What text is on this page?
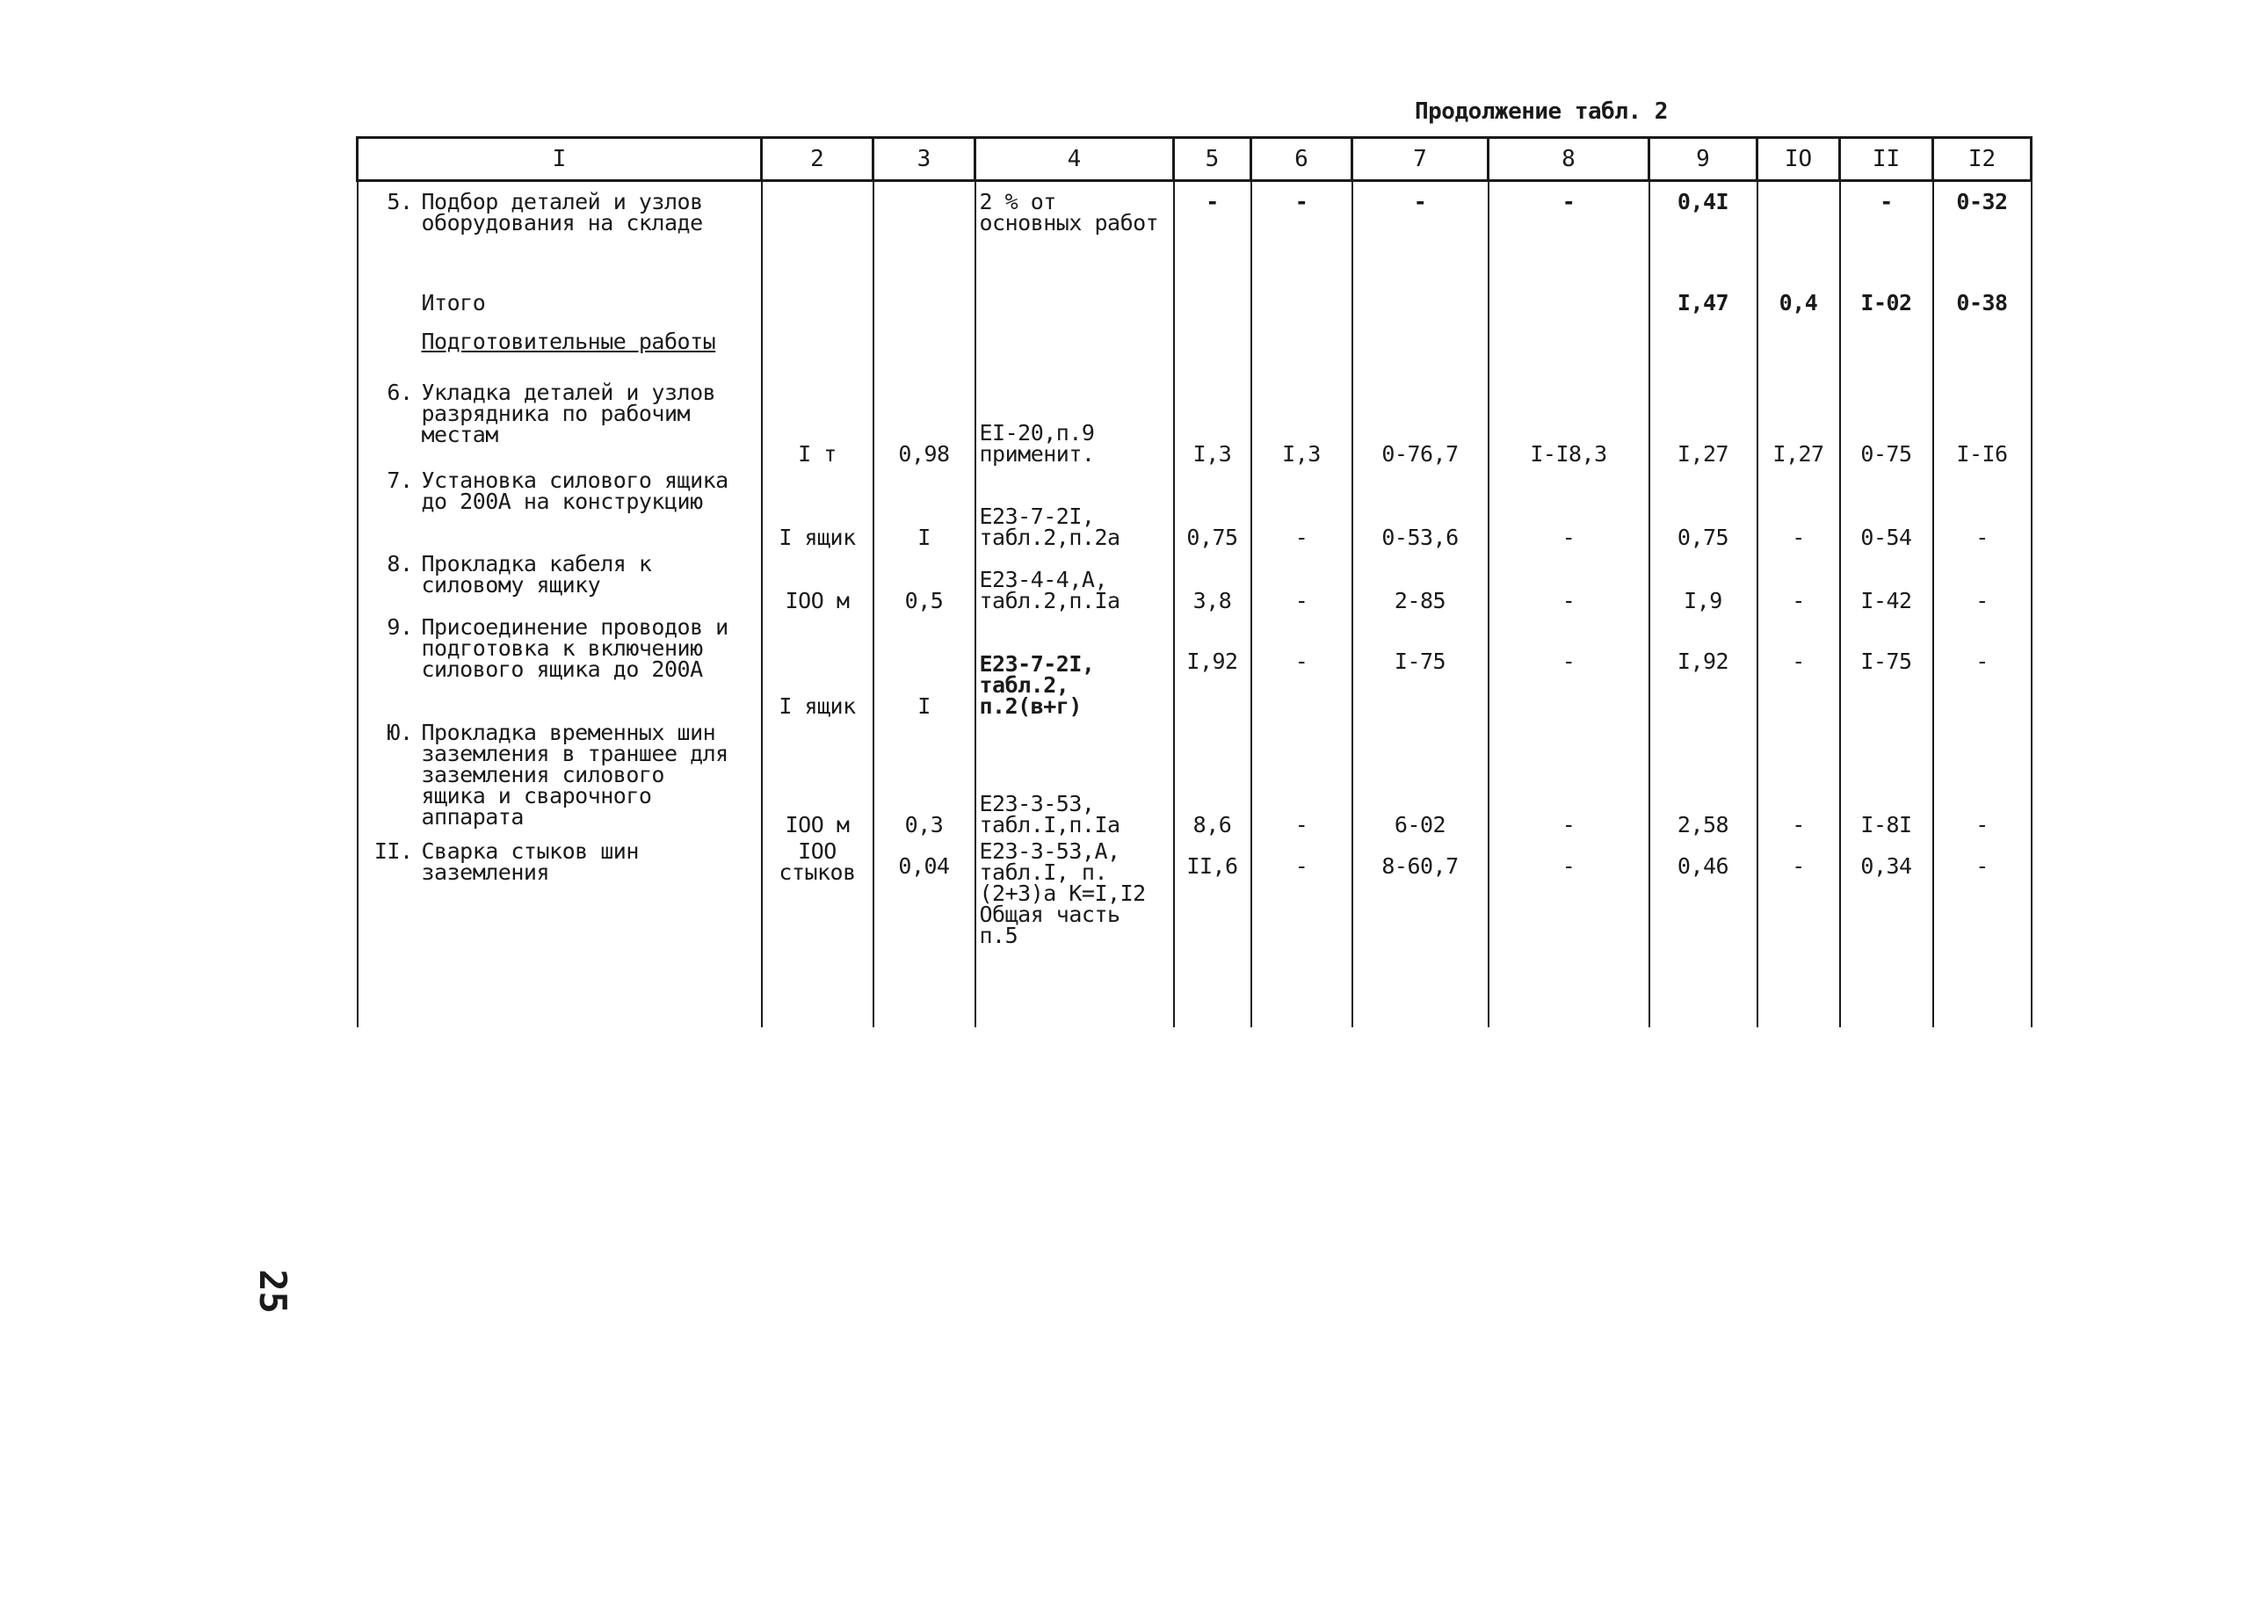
Продолжение табл. 2
I	2	3	4	5	6	7	8	9	IO	II	I2

5. Подбор деталей и узлов оборудования на складе			2 % от основных работ	-	-	-	-	0,4I		-	0-32
Итого								I,47	0,4	I-02	0-38
Подготовительные работы											
6. Укладка деталей и узлов разрядника по рабочим местам	I т	0,98	EI-20,п.9 применит.	I,3	I,3	0-76,7	I-I8,3	I,27	I,27	0-75	I-I6
7. Установка силового ящика до 200А на конструкцию	I ящик	I	E23-7-2I, табл.2,п.2а	0,75	-	0-53,6	-	0,75	-	0-54	-
8. Прокладка кабеля к силовому ящику	IOO м	0,5	E23-4-4,A, табл.2,п.Iа	3,8	-	2-85	-	I,9	-	I-42	-
9. Присоединение проводов и подготовка к включению силового ящика до 200А	I ящик	I	E23-7-2I, табл.2, п.2(в+г)	I,92	-	I-75	-	I,92	-	I-75	-
Ю. Прокладка временных шин заземления в траншее для заземления силового ящика и сварочного аппарата	IOO м	0,3	E23-3-53, табл.I,п.Iа	8,6	-	6-02	-	2,58	-	I-8I	-
II. Сварка стыков шин заземления	IOO стыков	0,04	E23-3-53,A, табл.I, п.(2+3)а K=I,I2 Общая часть п.5	II,6	-	8-60,7	-	0,46	-	0,34	-
25
